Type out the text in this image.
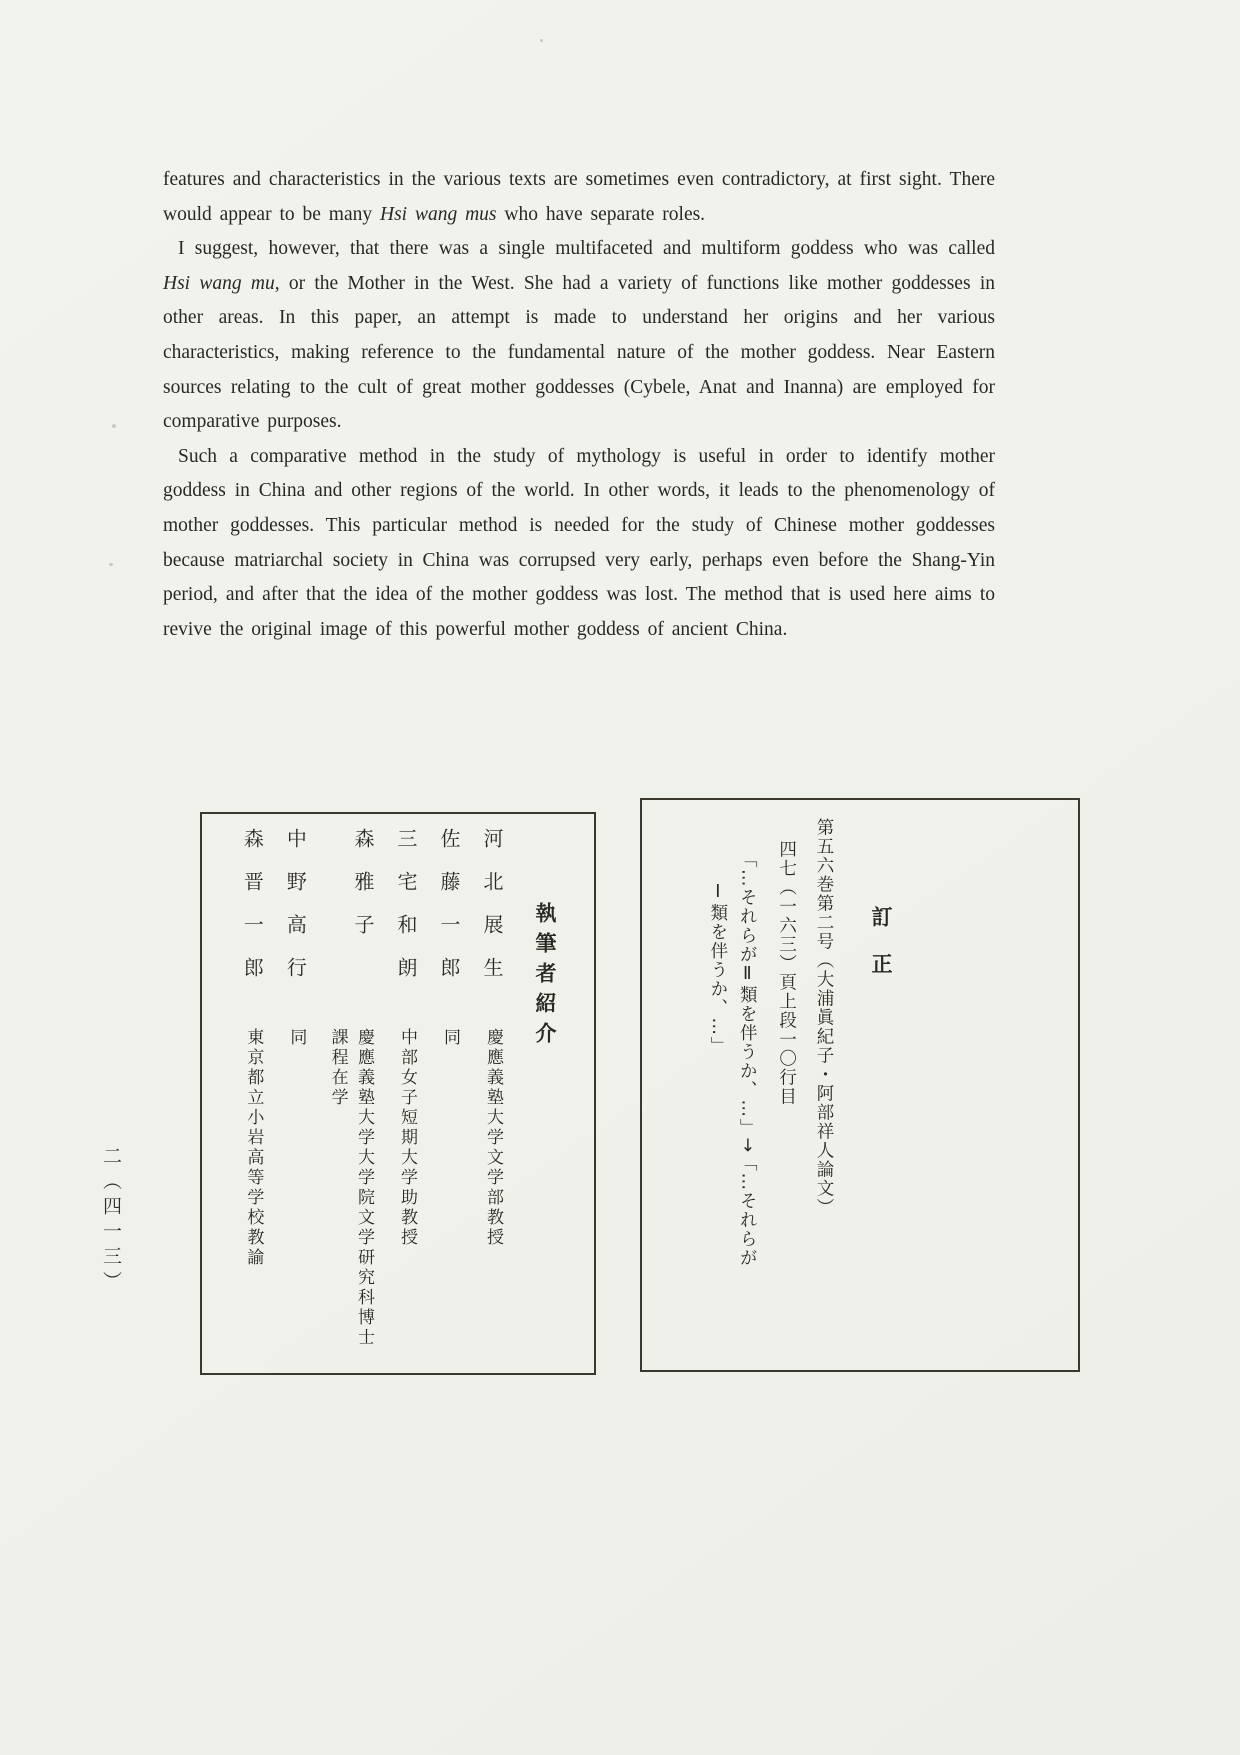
features and characteristics in the various texts are sometimes even contradictory, at first sight. There would appear to be many Hsi wang mus who have separate roles.

I suggest, however, that there was a single multifaceted and multiform goddess who was called Hsi wang mu, or the Mother in the West. She had a variety of functions like mother goddesses in other areas. In this paper, an attempt is made to understand her origins and her various characteristics, making reference to the fundamental nature of the mother goddess. Near Eastern sources relating to the cult of great mother goddesses (Cybele, Anat and Inanna) are employed for comparative purposes.

Such a comparative method in the study of mythology is useful in order to identify mother goddess in China and other regions of the world. In other words, it leads to the phenomenology of mother goddesses. This particular method is needed for the study of Chinese mother goddesses because matriarchal society in China was corrupsed very early, perhaps even before the Shang-Yin period, and after that the idea of the mother goddess was lost. The method that is used here aims to revive the original image of this powerful mother goddess of ancient China.

執筆者紹介
河北展生慶應義塾大学文学部教授
佐藤一郎同
三宅和朗中部女子短期大学助教授
森雅子慶應義塾大学大学院文学研究科博士課程在学
中野高行同
森晋一郎東京都立小岩高等学校教諭
訂正
第五六巻第二号（大浦眞紀子・阿部祥人論文）
四七（一六三）頁上段一〇行目
「…それらがⅡ類を伴うか、…」→「…それらが
Ⅰ類を伴うか、…」
二（四一三）
